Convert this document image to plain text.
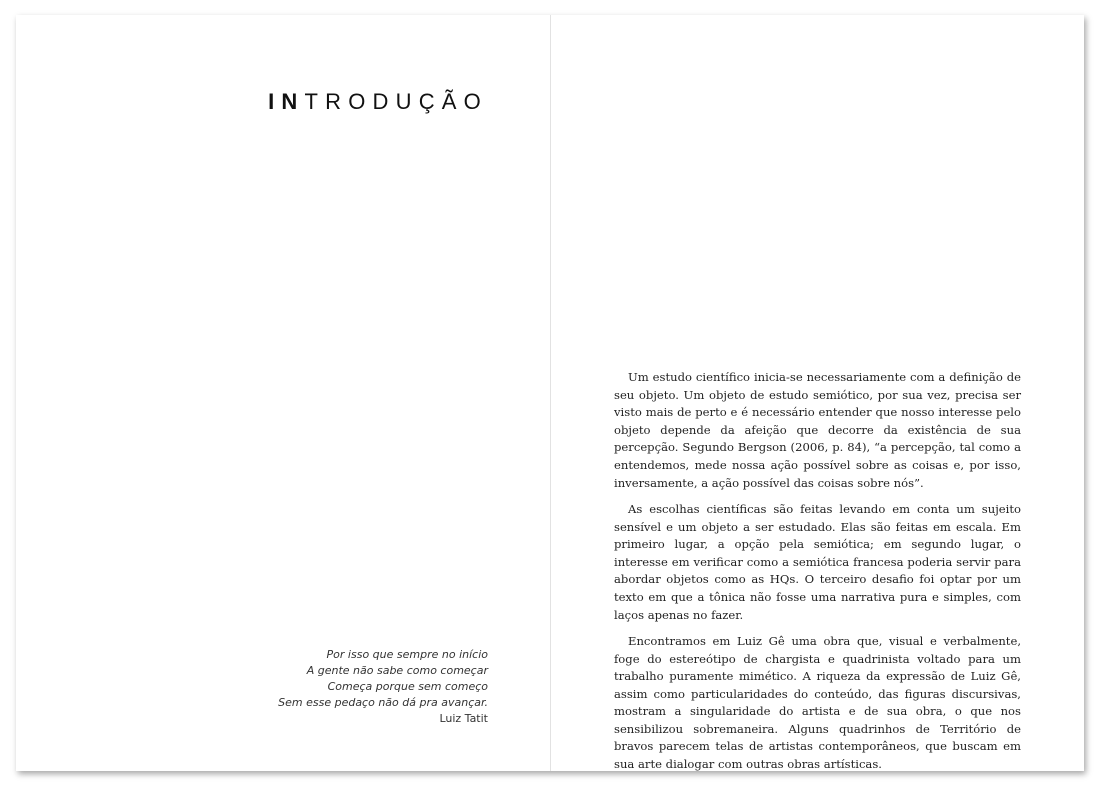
INTRODUÇÃO
Por isso que sempre no início
A gente não sabe como começar
Começa porque sem começo
Sem esse pedaço não dá pra avançar.
Luiz Tatit

Um estudo científico inicia-se necessariamente com a definição de seu objeto. Um objeto de estudo semiótico, por sua vez, precisa ser visto mais de perto e é necessário entender que nosso interesse pelo objeto depende da afeição que decorre da existência de sua percepção. Segundo Bergson (2006, p. 84), “a percepção, tal como a entendemos, mede nossa ação possível sobre as coisas e, por isso, inversamente, a ação possível das coisas sobre nós”.

As escolhas científicas são feitas levando em conta um sujeito sensível e um objeto a ser estudado. Elas são feitas em escala. Em primeiro lugar, a opção pela semiótica; em segundo lugar, o interesse em verificar como a semiótica francesa poderia servir para abordar objetos como as HQs. O terceiro desafio foi optar por um texto em que a tônica não fosse uma narrativa pura e simples, com laços apenas no fazer.

Encontramos em Luiz Gê uma obra que, visual e verbalmente, foge do estereótipo de chargista e quadrinista voltado para um trabalho puramente mimético. A riqueza da expressão de Luiz Gê, assim como particularidades do conteúdo, das figuras discursivas, mostram a singularidade do artista e de sua obra, o que nos sensibilizou sobremaneira. Alguns quadrinhos de Território de bravos parecem telas de artistas contemporâneos, que buscam em sua arte dialogar com outras obras artísticas.
